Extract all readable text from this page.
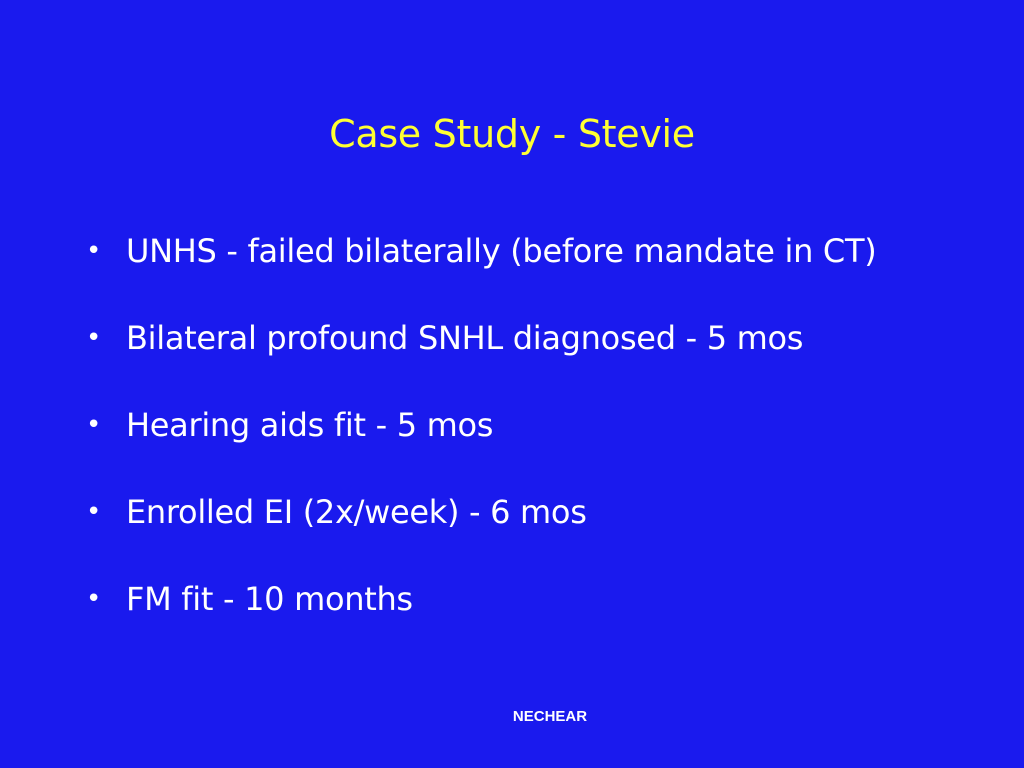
Case Study - Stevie
• UNHS - failed bilaterally (before mandate in CT)
• Bilateral profound SNHL diagnosed - 5 mos
• Hearing aids fit - 5 mos
• Enrolled EI (2x/week) - 6 mos
• FM fit - 10 months
NECHEAR
